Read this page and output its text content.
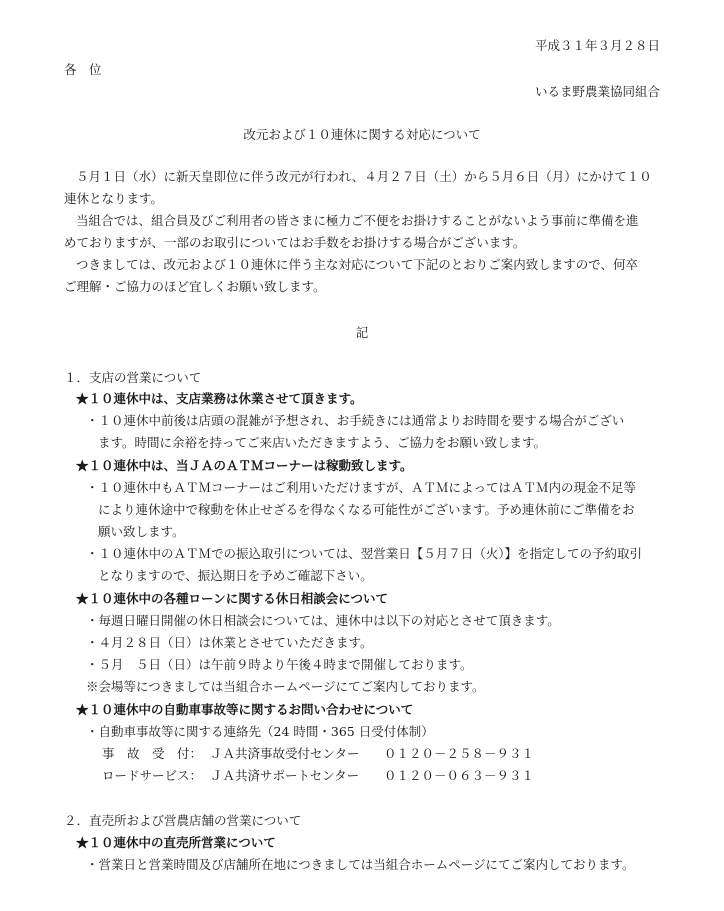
平成３１年３月２８日
各　位
いるま野農業協同組合
改元および１０連休に関する対応について
５月１日（水）に新天皇即位に伴う改元が行われ、４月２７日（土）から５月６日（月）にかけて１０
連休となります。
当組合では、組合員及びご利用者の皆さまに極力ご不便をお掛けすることがないよう事前に準備を進
めておりますが、一部のお取引についてはお手数をお掛けする場合がございます。
つきましては、改元および１０連休に伴う主な対応について下記のとおりご案内致しますので、何卒
ご理解・ご協力のほど宜しくお願い致します。
記
１．支店の営業について
★１０連休中は、支店業務は休業させて頂きます。
・１０連休中前後は店頭の混雑が予想され、お手続きには通常よりお時間を要する場合がござい
ます。時間に余裕を持ってご来店いただきますよう、ご協力をお願い致します。
★１０連休中は、当ＪＡのＡＴＭコーナーは稼動致します。
・１０連休中もＡＴＭコーナーはご利用いただけますが、ＡＴＭによってはＡＴＭ内の現金不足等
により連休途中で稼動を休止せざるを得なくなる可能性がございます。予め連休前にご準備をお
願い致します。
・１０連休中のＡＴＭでの振込取引については、翌営業日【５月７日（火）】を指定しての予約取引
となりますので、振込期日を予めご確認下さい。
★１０連休中の各種ローンに関する休日相談会について
・毎週日曜日開催の休日相談会については、連休中は以下の対応とさせて頂きます。
・４月２８日（日）は休業とさせていただきます。
・５月　５日（日）は午前９時より午後４時まで開催しております。
※会場等につきましては当組合ホームページにてご案内しております。
★１０連休中の自動車事故等に関するお問い合わせについて
・自動車事故等に関する連絡先（24 時間・365 日受付体制）
事　故　受　付： ＪＡ共済事故受付センター ０１２０－２５８－９３１
ロードサービス： ＪＡ共済サポートセンター ０１２０－０６３－９３１
２．直売所および営農店舗の営業について
★１０連休中の直売所営業について
・営業日と営業時間及び店舗所在地につきましては当組合ホームページにてご案内しております。
